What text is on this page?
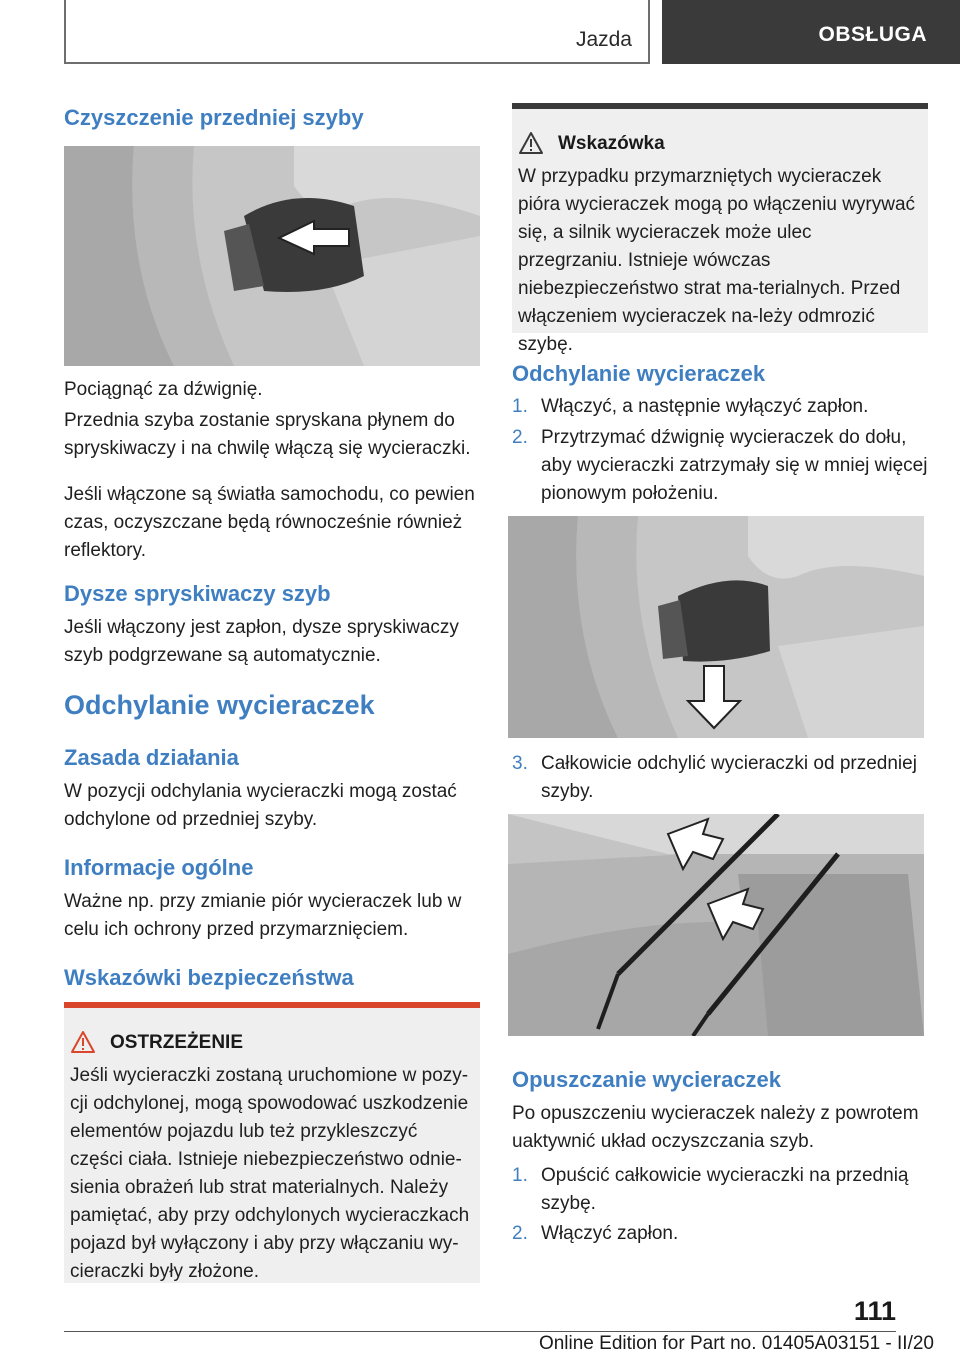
Jazda	OBSŁUGA
Czyszczenie przedniej szyby

Pociągnąć za dźwignię.

Przednia szyba zostanie spryskana płynem do spryskiwaczy i na chwilę włączą się wycieraczki.

Jeśli włączone są światła samochodu, co pewien czas, oczyszczane będą równocześnie również reflektory.

Dysze spryskiwaczy szyb

Jeśli włączony jest zapłon, dysze spryskiwaczy szyb podgrzewane są automatycznie.

Odchylanie wycieraczek
Zasada działania

W pozycji odchylania wycieraczki mogą zostać odchylone od przedniej szyby.

Informacje ogólne

Ważne np. przy zmianie piór wycieraczek lub w celu ich ochrony przed przymarznięciem.

Wskazówki bezpieczeństwa
OSTRZEŻENIE

Jeśli wycieraczki zostaną uruchomione w pozy-cji odchylonej, mogą spowodować uszkodzenie elementów pojazdu lub też przykleszczyć części ciała. Istnieje niebezpieczeństwo odnie-sienia obrażeń lub strat materialnych. Należy pamiętać, aby przy odchylonych wycieraczkach pojazd był wyłączony i aby przy włączaniu wy-cieraczki były złożone.

Wskazówka

W przypadku przymarzniętych wycieraczek pióra wycieraczek mogą po włączeniu wyrywać się, a silnik wycieraczek może ulec przegrzaniu. Istnieje wówczas niebezpieczeństwo strat ma-terialnych. Przed włączeniem wycieraczek na-leży odmrozić szybę.

Odchylanie wycieraczek
1. Włączyć, a następnie wyłączyć zapłon.
2. Przytrzymać dźwignię wycieraczek do dołu, aby wycieraczki zatrzymały się w mniej więcej pionowym położeniu.
3. Całkowicie odchylić wycieraczki od przedniej szyby.
Opuszczanie wycieraczek

Po opuszczeniu wycieraczek należy z powrotem uaktywnić układ oczyszczania szyb.

1. Opuścić całkowicie wycieraczki na przednią szybę.
2. Włączyć zapłon.
111
Online Edition for Part no. 01405A03151 - II/20
